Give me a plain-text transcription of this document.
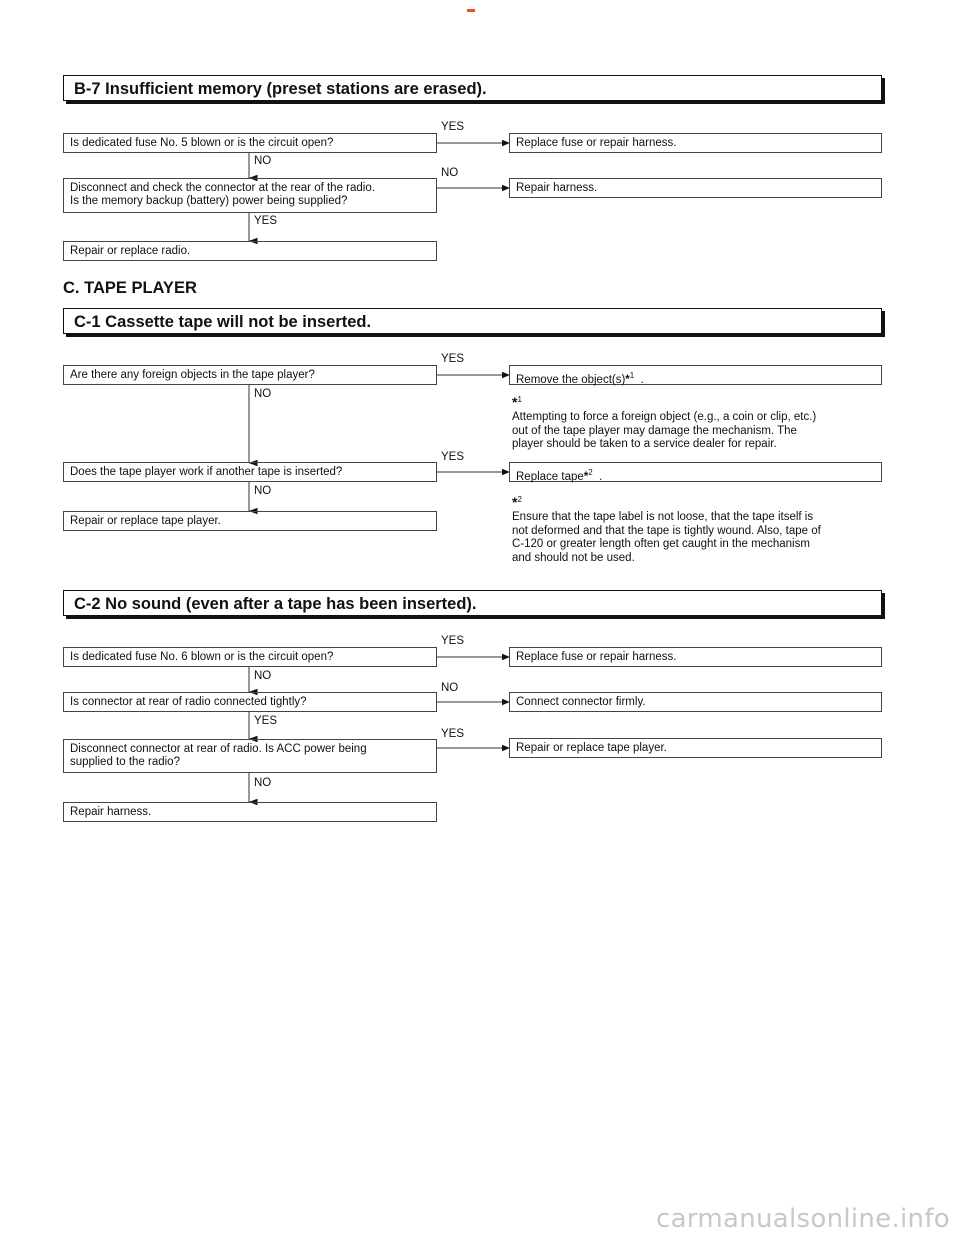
B-7 Insufficient memory (preset stations are erased).
YES
Is dedicated fuse No. 5 blown or is the circuit open?	Replace fuse or repair harness.
NO
NO
Disconnect and check the connector at the rear of the radio.
Is the memory backup (battery) power being supplied?
Repair harness.
YES
Repair or replace radio.
C. TAPE PLAYER
C-1 Cassette tape will not be inserted.
YES
Are there any foreign objects in the tape player?	Remove the object(s)*$^1$ .
NO	*$^1$
Attempting to force a foreign object (e.g., a coin or clip, etc.)
out of the tape player may damage the mechanism. The
player should be taken to a service dealer for repair.
YES
Does the tape player work if another tape is inserted?	Replace tape*$^2$ .
NO
*$^2$
Ensure that the tape label is not loose, that the tape itself is
not deformed and that the tape is tightly wound. Also, tape of
C-120 or greater length often get caught in the mechanism
and should not be used.
Repair or replace tape player.
C-2 No sound (even after a tape has been inserted).
YES
Is dedicated fuse No. 6 blown or is the circuit open?	Replace fuse or repair harness.
NO
NO
Is connector at rear of radio connected tightly?	Connect connector firmly.
YES
YES
Disconnect connector at rear of radio. Is ACC power being
supplied to the radio?
Repair or replace tape player.
NO
Repair harness.
carmanualsonline.info
